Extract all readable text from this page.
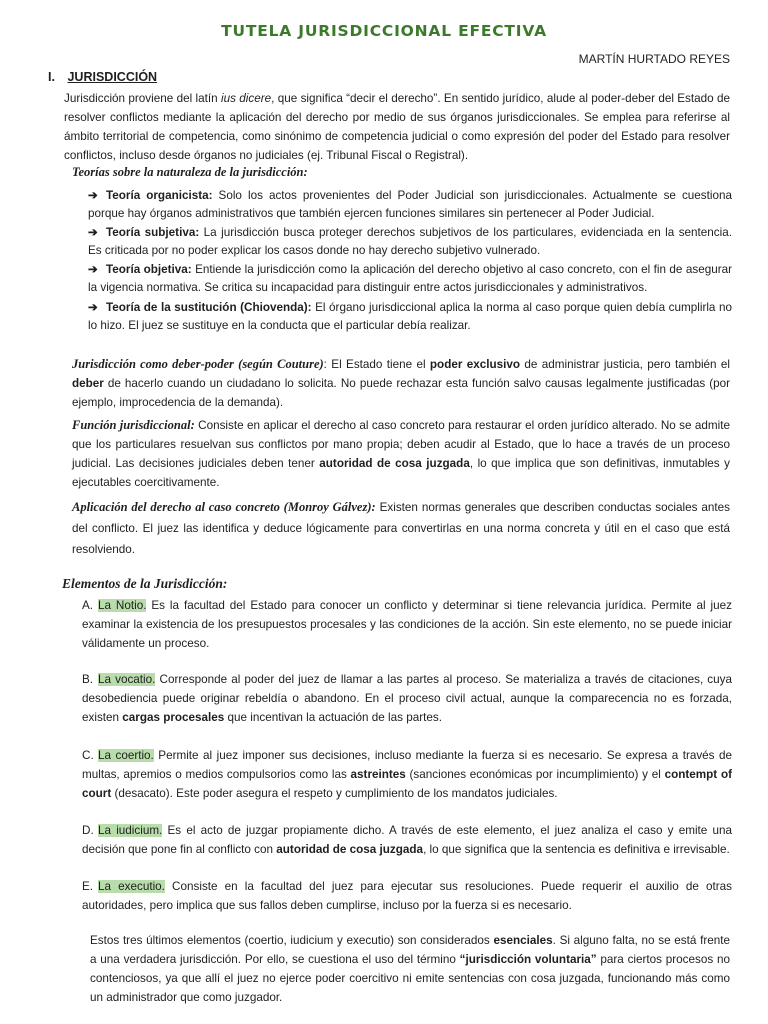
TUTELA JURISDICCIONAL EFECTIVA
MARTÍN HURTADO REYES
I. JURISDICCIÓN

Jurisdicción proviene del latín ius dicere, que significa “decir el derecho”. En sentido jurídico, alude al poder-deber del Estado de resolver conflictos mediante la aplicación del derecho por medio de sus órganos jurisdiccionales. Se emplea para referirse al ámbito territorial de competencia, como sinónimo de competencia judicial o como expresión del poder del Estado para resolver conflictos, incluso desde órganos no judiciales (ej. Tribunal Fiscal o Registral).

Teorías sobre la naturaleza de la jurisdicción:

➔ Teoría organicista: Solo los actos provenientes del Poder Judicial son jurisdiccionales. Actualmente se cuestiona porque hay órganos administrativos que también ejercen funciones similares sin pertenecer al Poder Judicial.

➔ Teoría subjetiva: La jurisdicción busca proteger derechos subjetivos de los particulares, evidenciada en la sentencia. Es criticada por no poder explicar los casos donde no hay derecho subjetivo vulnerado.

➔ Teoría objetiva: Entiende la jurisdicción como la aplicación del derecho objetivo al caso concreto, con el fin de asegurar la vigencia normativa. Se critica su incapacidad para distinguir entre actos jurisdiccionales y administrativos.

➔ Teoría de la sustitución (Chiovenda): El órgano jurisdiccional aplica la norma al caso porque quien debía cumplirla no lo hizo. El juez se sustituye en la conducta que el particular debía realizar.

Jurisdicción como deber-poder (según Couture): El Estado tiene el poder exclusivo de administrar justicia, pero también el deber de hacerlo cuando un ciudadano lo solicita. No puede rechazar esta función salvo causas legalmente justificadas (por ejemplo, improcedencia de la demanda).

Función jurisdiccional: Consiste en aplicar el derecho al caso concreto para restaurar el orden jurídico alterado. No se admite que los particulares resuelvan sus conflictos por mano propia; deben acudir al Estado, que lo hace a través de un proceso judicial. Las decisiones judiciales deben tener autoridad de cosa juzgada, lo que implica que son definitivas, inmutables y ejecutables coercitivamente.

Aplicación del derecho al caso concreto (Monroy Gálvez): Existen normas generales que describen conductas sociales antes del conflicto. El juez las identifica y deduce lógicamente para convertirlas en una norma concreta y útil en el caso que está resolviendo.

Elementos de la Jurisdicción:

A. La Notio. Es la facultad del Estado para conocer un conflicto y determinar si tiene relevancia jurídica. Permite al juez examinar la existencia de los presupuestos procesales y las condiciones de la acción. Sin este elemento, no se puede iniciar válidamente un proceso.

B. La vocatio. Corresponde al poder del juez de llamar a las partes al proceso. Se materializa a través de citaciones, cuya desobediencia puede originar rebeldía o abandono. En el proceso civil actual, aunque la comparecencia no es forzada, existen cargas procesales que incentivan la actuación de las partes.

C. La coertio. Permite al juez imponer sus decisiones, incluso mediante la fuerza si es necesario. Se expresa a través de multas, apremios o medios compulsorios como las astreintes (sanciones económicas por incumplimiento) y el contempt of court (desacato). Este poder asegura el respeto y cumplimiento de los mandatos judiciales.

D. La iudicium. Es el acto de juzgar propiamente dicho. A través de este elemento, el juez analiza el caso y emite una decisión que pone fin al conflicto con autoridad de cosa juzgada, lo que significa que la sentencia es definitiva e irrevisable.

E. La executio. Consiste en la facultad del juez para ejecutar sus resoluciones. Puede requerir el auxilio de otras autoridades, pero implica que sus fallos deben cumplirse, incluso por la fuerza si es necesario.

Estos tres últimos elementos (coertio, iudicium y executio) son considerados esenciales. Si alguno falta, no se está frente a una verdadera jurisdicción. Por ello, se cuestiona el uso del término “jurisdicción voluntaria” para ciertos procesos no contenciosos, ya que allí el juez no ejerce poder coercitivo ni emite sentencias con cosa juzgada, funcionando más como un administrador que como juzgador.
